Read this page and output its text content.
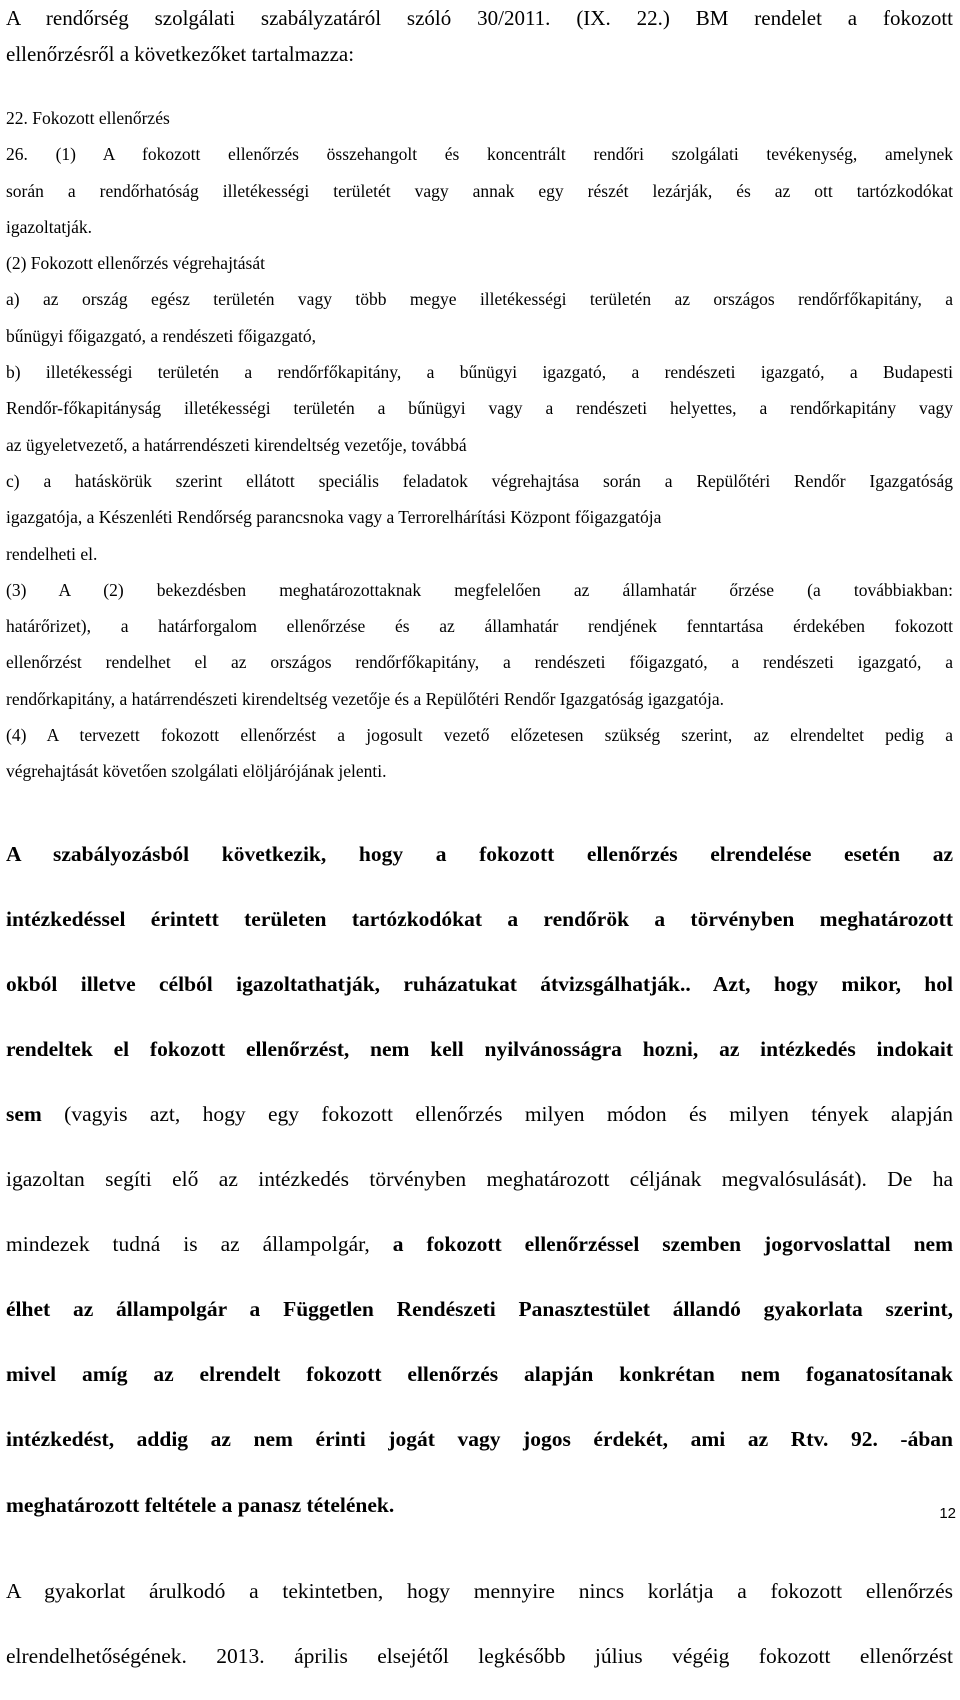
A rendőrség szolgálati szabályzatáról szóló 30/2011. (IX. 22.) BM rendelet a fokozott

ellenőrzésről a következőket tartalmazza:

22. Fokozott ellenőrzés

26. (1) A fokozott ellenőrzés összehangolt és koncentrált rendőri szolgálati tevékenység, amelynek

során a rendőrhatóság illetékességi területét vagy annak egy részét lezárják, és az ott tartózkodókat

igazoltatják.

(2) Fokozott ellenőrzés végrehajtását

a) az ország egész területén vagy több megye illetékességi területén az országos rendőrfőkapitány, a

bűnügyi főigazgató, a rendészeti főigazgató,

b) illetékességi területén a rendőrfőkapitány, a bűnügyi igazgató, a rendészeti igazgató, a Budapesti

Rendőr-főkapitányság illetékességi területén a bűnügyi vagy a rendészeti helyettes, a rendőrkapitány vagy

az ügyeletvezető, a határrendészeti kirendeltség vezetője, továbbá

c) a hatáskörük szerint ellátott speciális feladatok végrehajtása során a Repülőtéri Rendőr Igazgatóság

igazgatója, a Készenléti Rendőrség parancsnoka vagy a Terrorelhárítási Központ főigazgatója

rendelheti el.

(3) A (2) bekezdésben meghatározottaknak megfelelően az államhatár őrzése (a továbbiakban:

határőrizet), a határforgalom ellenőrzése és az államhatár rendjének fenntartása érdekében fokozott

ellenőrzést rendelhet el az országos rendőrfőkapitány, a rendészeti főigazgató, a rendészeti igazgató, a

rendőrkapitány, a határrendészeti kirendeltség vezetője és a Repülőtéri Rendőr Igazgatóság igazgatója.

(4) A tervezett fokozott ellenőrzést a jogosult vezető előzetesen szükség szerint, az elrendeltet pedig a

végrehajtását követően szolgálati elöljárójának jelenti.

A szabályozásból következik, hogy a fokozott ellenőrzés elrendelése esetén az

intézkedéssel érintett területen tartózkodókat a rendőrök a törvényben meghatározott

okból illetve célból igazoltathatják, ruházatukat átvizsgálhatják.. Azt, hogy mikor, hol

rendeltek el fokozott ellenőrzést, nem kell nyilvánosságra hozni, az intézkedés indokait

sem (vagyis azt, hogy egy fokozott ellenőrzés milyen módon és milyen tények alapján

igazoltan segíti elő az intézkedés törvényben meghatározott céljának megvalósulását). De ha

mindezek tudná is az állampolgár, a fokozott ellenőrzéssel szemben jogorvoslattal nem

élhet az állampolgár a Független Rendészeti Panasztestület állandó gyakorlata szerint,

mivel amíg az elrendelt fokozott ellenőrzés alapján konkrétan nem foganatosítanak

intézkedést, addig az nem érinti jogát vagy jogos érdekét, ami az Rtv. 92. -ában

meghatározott feltétele a panasz tételének.

A gyakorlat árulkodó a tekintetben, hogy mennyire nincs korlátja a fokozott ellenőrzés

elrendelhetőségének. 2013. április elsejétől legkésőbb július végéig fokozott ellenőrzést

12
